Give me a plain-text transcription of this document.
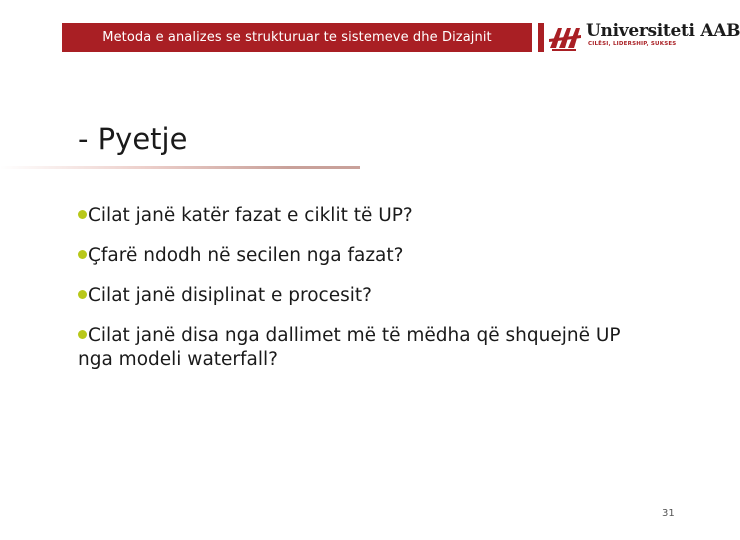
Metoda e analizes se strukturuar te sistemeve dhe Dizajnit	Universiteti AAB
CILËSI, LIDERSHIP, SUKSES
- Pyetje
Cilat janë katër fazat e ciklit të UP?
Çfarë ndodh në secilen nga fazat?
Cilat janë disiplinat e procesit?
Cilat janë disa nga dallimet më të mëdha që shquejnë UP nga modeli waterfall?
31
